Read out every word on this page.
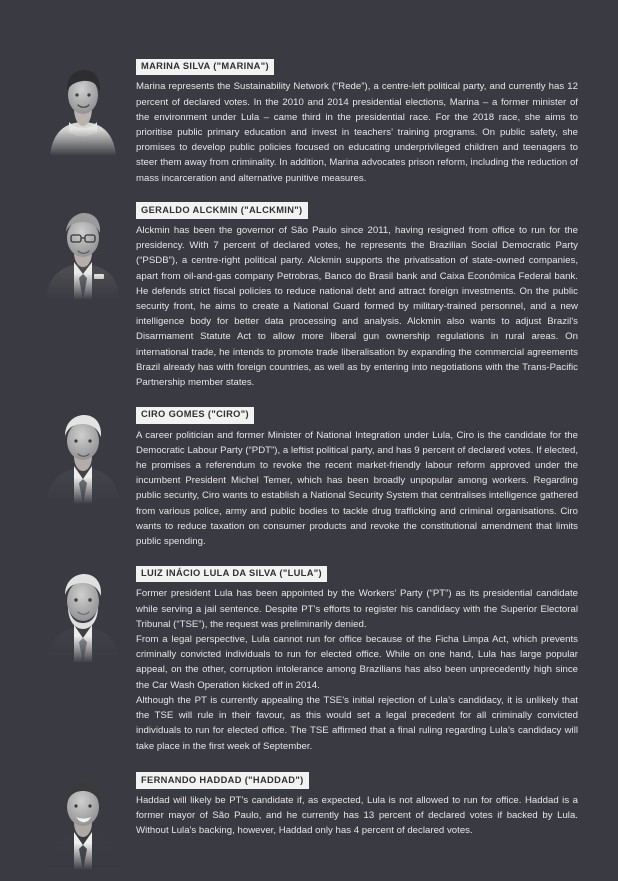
MARINA SILVA ("MARINA")

Marina represents the Sustainability Network (“Rede”), a centre-left political party, and currently has 12 percent of declared votes. In the 2010 and 2014 presidential elections, Marina – a former minister of the environment under Lula – came third in the presidential race. For the 2018 race, she aims to prioritise public primary education and invest in teachers’ training programs. On public safety, she promises to develop public policies focused on educating underprivileged children and teenagers to steer them away from criminality. In addition, Marina advocates prison reform, including the reduction of mass incarceration and alternative punitive measures.

GERALDO ALCKMIN ("ALCKMIN")

Alckmin has been the governor of São Paulo since 2011, having resigned from office to run for the presidency. With 7 percent of declared votes, he represents the Brazilian Social Democratic Party (“PSDB”), a centre-right political party. Alckmin supports the privatisation of state-owned companies, apart from oil-and-gas company Petrobras, Banco do Brasil bank and Caixa Econômica Federal bank. He defends strict fiscal policies to reduce national debt and attract foreign investments. On the public security front, he aims to create a National Guard formed by military-trained personnel, and a new intelligence body for better data processing and analysis. Alckmin also wants to adjust Brazil's Disarmament Statute Act to allow more liberal gun ownership regulations in rural areas. On international trade, he intends to promote trade liberalisation by expanding the commercial agreements Brazil already has with foreign countries, as well as by entering into negotiations with the Trans-Pacific Partnership member states.

CIRO GOMES ("CIRO")

A career politician and former Minister of National Integration under Lula, Ciro is the candidate for the Democratic Labour Party (“PDT”), a leftist political party, and has 9 percent of declared votes. If elected, he promises a referendum to revoke the recent market-friendly labour reform approved under the incumbent President Michel Temer, which has been broadly unpopular among workers. Regarding public security, Ciro wants to establish a National Security System that centralises intelligence gathered from various police, army and public bodies to tackle drug trafficking and criminal organisations. Ciro wants to reduce taxation on consumer products and revoke the constitutional amendment that limits public spending.

LUIZ INÁCIO LULA DA SILVA ("LULA")

Former president Lula has been appointed by the Workers’ Party (“PT”) as its presidential candidate while serving a jail sentence. Despite PT's efforts to register his candidacy with the Superior Electoral Tribunal (“TSE”), the request was preliminarily denied.

From a legal perspective, Lula cannot run for office because of the Ficha Limpa Act, which prevents criminally convicted individuals to run for elected office. While on one hand, Lula has large popular appeal, on the other, corruption intolerance among Brazilians has also been unprecedently high since the Car Wash Operation kicked off in 2014.

Although the PT is currently appealing the TSE’s initial rejection of Lula’s candidacy, it is unlikely that the TSE will rule in their favour, as this would set a legal precedent for all criminally convicted individuals to run for elected office. The TSE affirmed that a final ruling regarding Lula’s candidacy will take place in the first week of September.

FERNANDO HADDAD ("HADDAD")

Haddad will likely be PT's candidate if, as expected, Lula is not allowed to run for office. Haddad is a former mayor of São Paulo, and he currently has 13 percent of declared votes if backed by Lula. Without Lula's backing, however, Haddad only has 4 percent of declared votes.
